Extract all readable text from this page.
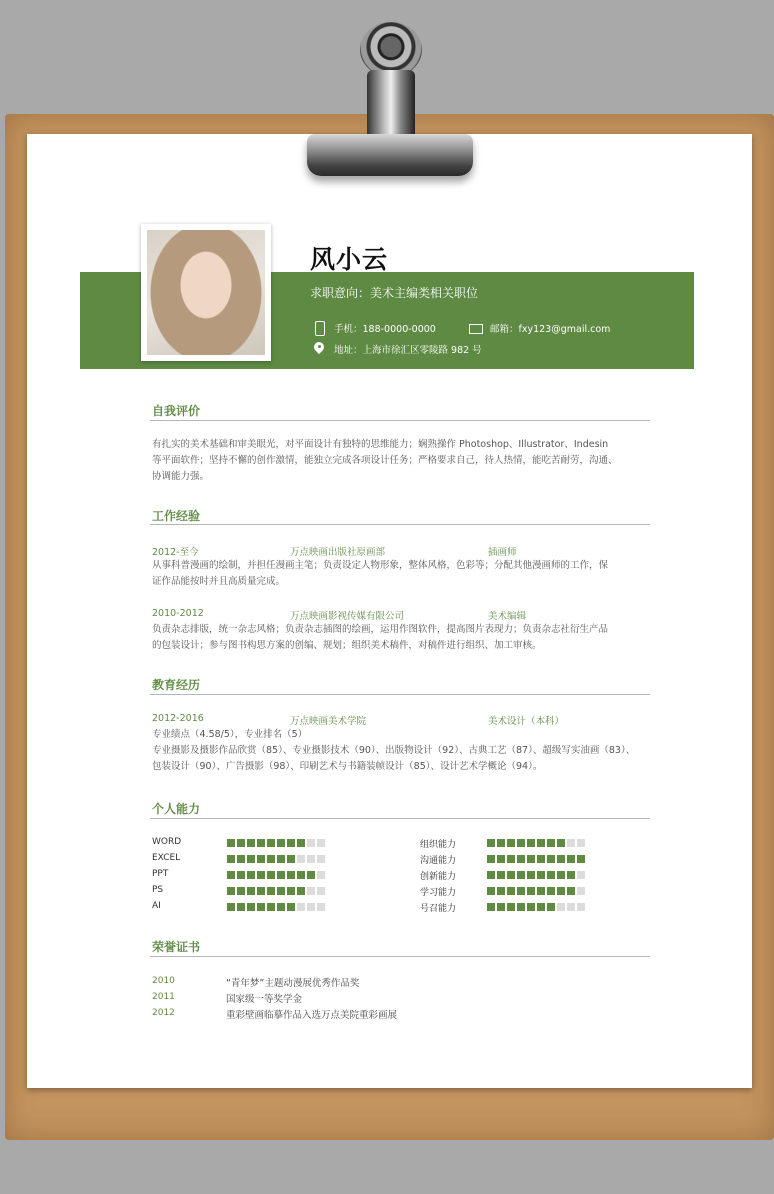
风小云
求职意向：美术主编类相关职位
手机：188-0000-0000	邮箱：fxy123@gmail.com
地址：上海市徐汇区零陵路 982 号
自我评价
有扎实的美术基础和审美眼光，对平面设计有独特的思维能力；娴熟操作 Photoshop、Illustrator、Indesin
等平面软件；坚持不懈的创作激情，能独立完成各项设计任务；严格要求自己，待人热情，能吃苦耐劳，沟通、
协调能力强。
工作经验
2012-至今	万点映画出版社原画部	插画师
从事科普漫画的绘制，并担任漫画主笔；负责设定人物形象，整体风格，色彩等；分配其他漫画师的工作，保
证作品能按时并且高质量完成。
2010-2012	万点映画影视传媒有限公司	美术编辑
负责杂志排版，统一杂志风格；负责杂志插图的绘画，运用作图软件，提高图片表现力；负责杂志社衍生产品
的包装设计；参与图书构思方案的创编、规划；组织美术稿件，对稿件进行组织、加工审核。
教育经历
2012-2016	万点映画美术学院	美术设计（本科）
专业绩点（4.58/5），专业排名（5）
专业摄影及摄影作品欣赏（85）、专业摄影技术（90）、出版物设计（92）、古典工艺（87）、超级写实油画（83）、
包装设计（90）、广告摄影（98）、印刷艺术与书籍装帧设计（85）、设计艺术学概论（94）。
个人能力
WORD
EXCEL
PPT
PS
AI
组织能力
沟通能力
创新能力
学习能力
号召能力
荣誉证书
2010	“青年梦”主题动漫展优秀作品奖
2011	国家级一等奖学金
2012	重彩壁画临摹作品入选万点美院重彩画展
